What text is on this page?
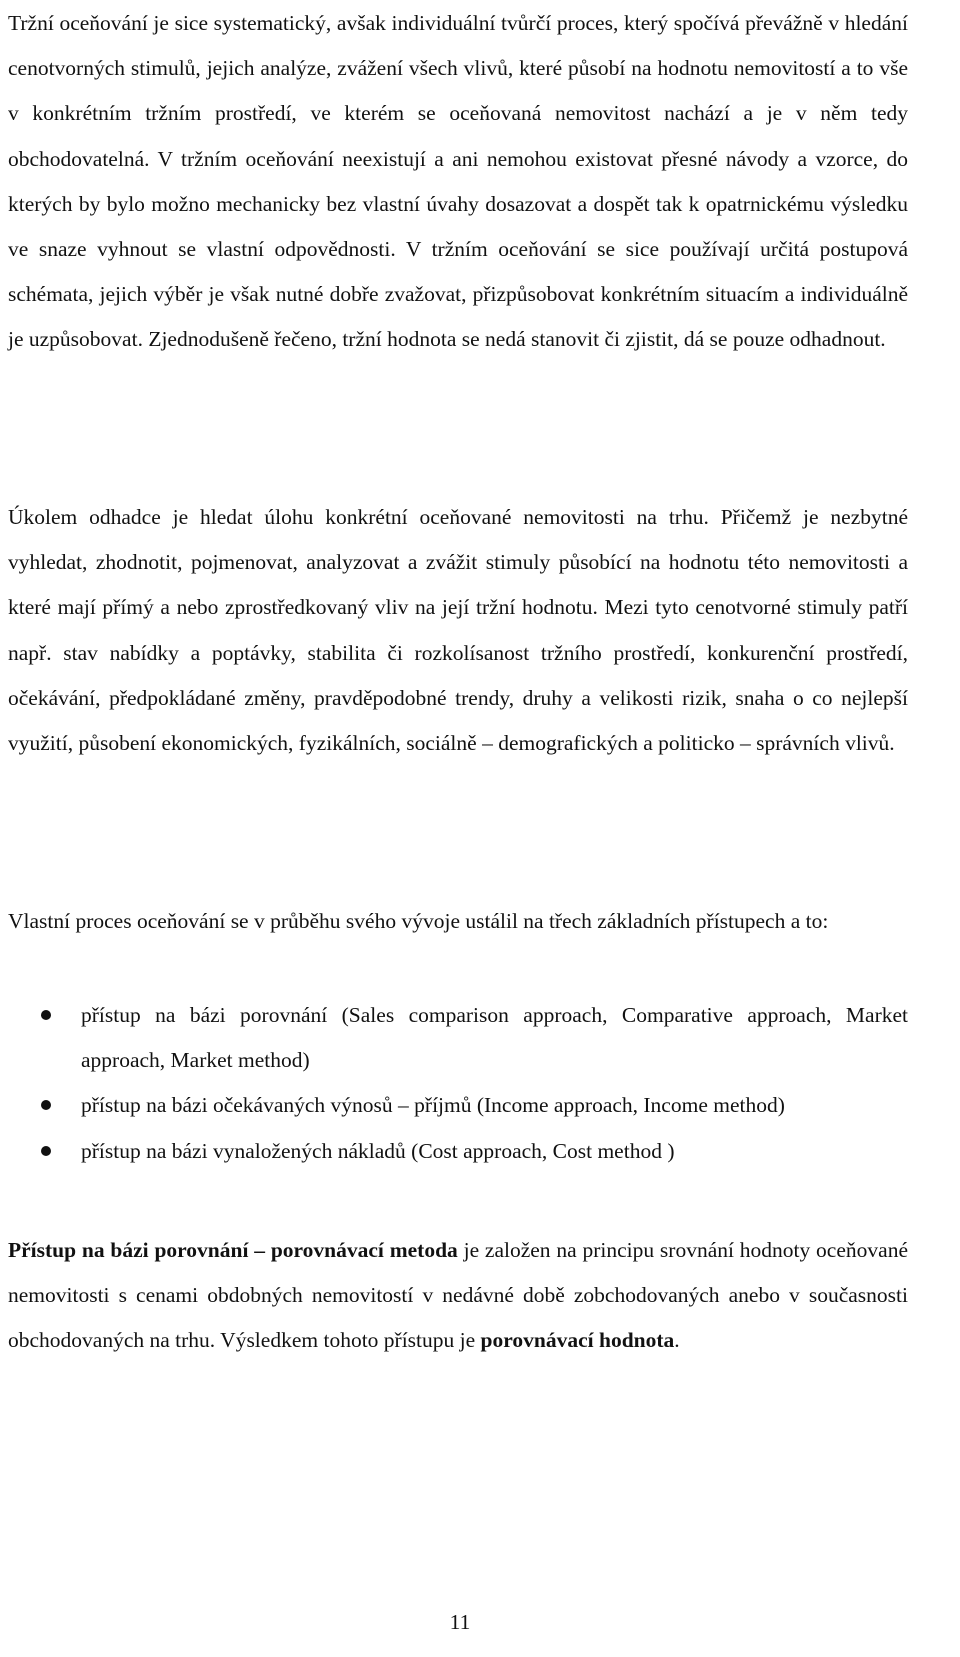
Tržní oceňování je sice systematický, avšak individuální tvůrčí proces, který spočívá převážně v hledání cenotvorných stimulů, jejich analýze, zvážení všech vlivů, které působí na hodnotu nemovitostí a to vše v konkrétním tržním prostředí, ve kterém se oceňovaná nemovitost nachází a je v něm tedy obchodovatelná. V tržním oceňování neexistují a ani nemohou existovat přesné návody a vzorce, do kterých by bylo možno mechanicky bez vlastní úvahy dosazovat a dospět tak k opatrnickému výsledku ve snaze vyhnout se vlastní odpovědnosti. V tržním oceňování se sice používají určitá postupová schémata, jejich výběr je však nutné dobře zvažovat, přizpůsobovat konkrétním situacím a individuálně je uzpůsobovat. Zjednodušeně řečeno, tržní hodnota se nedá stanovit či zjistit, dá se pouze odhadnout.

Úkolem odhadce je hledat úlohu konkrétní oceňované nemovitosti na trhu. Přičemž je nezbytné vyhledat, zhodnotit, pojmenovat, analyzovat a zvážit stimuly působící na hodnotu této nemovitosti a které mají přímý a nebo zprostředkovaný vliv na její tržní hodnotu. Mezi tyto cenotvorné stimuly patří např. stav nabídky a poptávky, stabilita či rozkolísanost tržního prostředí, konkurenční prostředí, očekávání, předpokládané změny, pravděpodobné trendy, druhy a velikosti rizik, snaha o co nejlepší využití, působení ekonomických, fyzikálních, sociálně – demografických a politicko – správních vlivů.

Vlastní proces oceňování se v průběhu svého vývoje ustálil na třech základních přístupech a to:

přístup na bázi porovnání (Sales comparison approach, Comparative approach, Market approach, Market method)
přístup na bázi očekávaných výnosů – příjmů (Income approach, Income method)
přístup na bázi vynaložených nákladů (Cost approach, Cost method )

Přístup na bázi porovnání – porovnávací metoda je založen na principu srovnání hodnoty oceňované nemovitosti s cenami obdobných nemovitostí v nedávné době zobchodovaných anebo v současnosti obchodovaných na trhu. Výsledkem tohoto přístupu je porovnávací hodnota.

11
